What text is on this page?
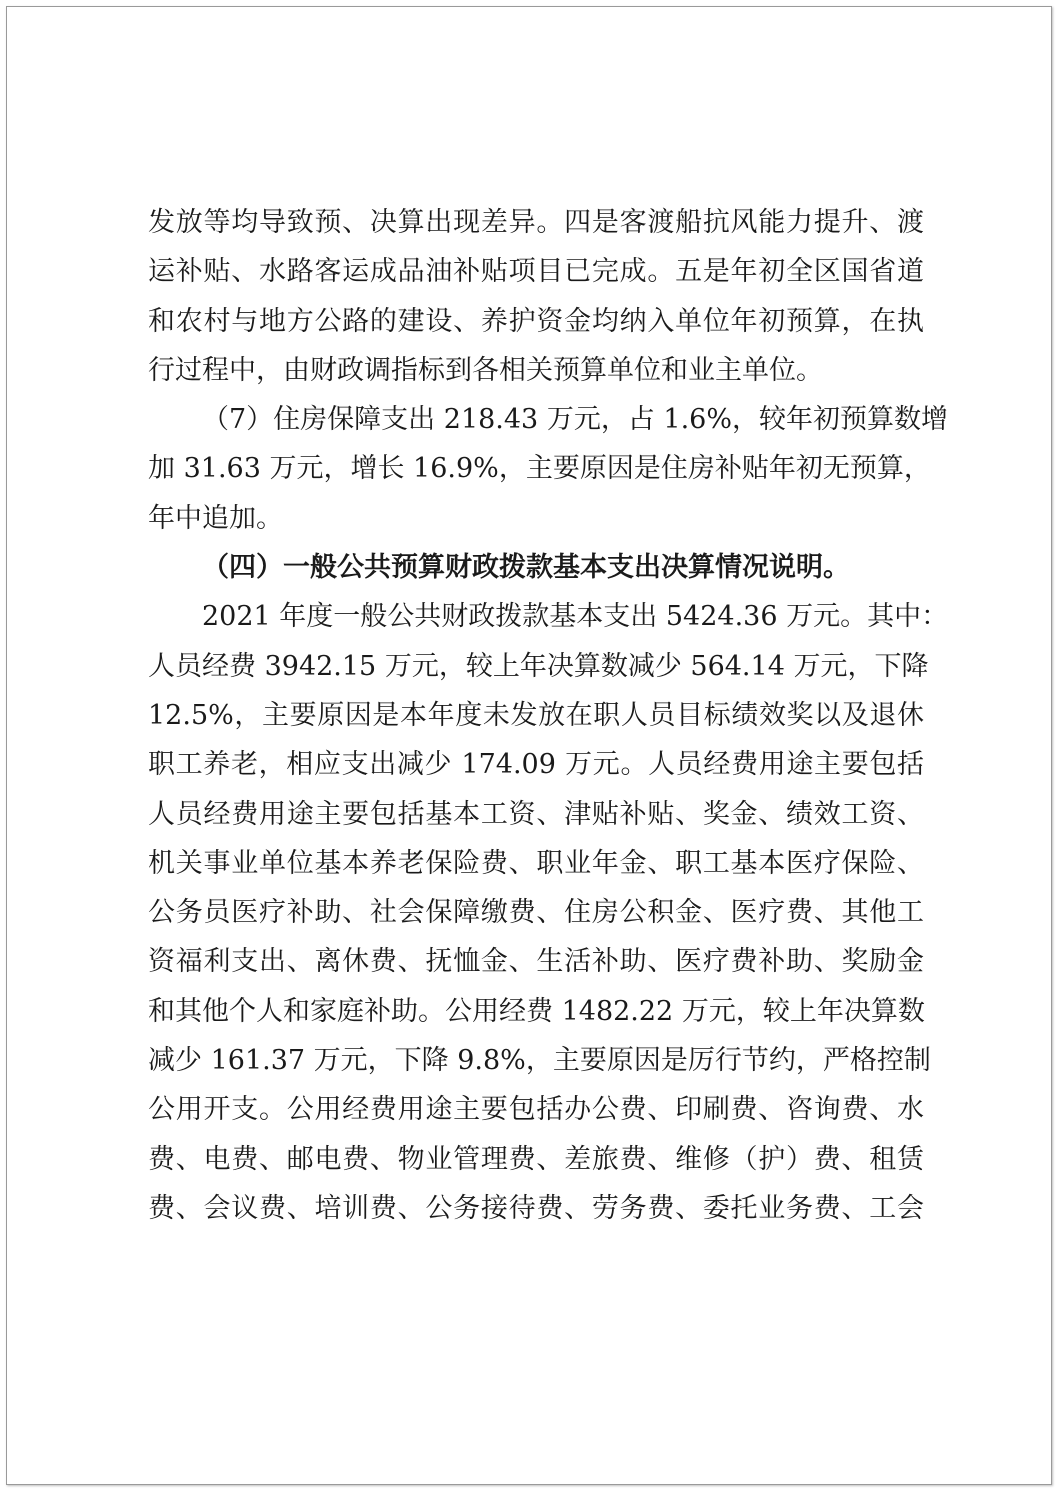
发放等均导致预、决算出现差异。四是客渡船抗风能力提升、渡
运补贴、水路客运成品油补贴项目已完成。五是年初全区国省道
和农村与地方公路的建设、养护资金均纳入单位年初预算，在执
行过程中，由财政调指标到各相关预算单位和业主单位。
（7）住房保障支出 218.43 万元，占 1.6%，较年初预算数增
加 31.63 万元，增长 16.9%，主要原因是住房补贴年初无预算，
年中追加。
（四）一般公共预算财政拨款基本支出决算情况说明。
2021 年度一般公共财政拨款基本支出 5424.36 万元。其中：
人员经费 3942.15 万元，较上年决算数减少 564.14 万元，下降
12.5%，主要原因是本年度未发放在职人员目标绩效奖以及退休
职工养老，相应支出减少 174.09 万元。人员经费用途主要包括
人员经费用途主要包括基本工资、津贴补贴、奖金、绩效工资、
机关事业单位基本养老保险费、职业年金、职工基本医疗保险、
公务员医疗补助、社会保障缴费、住房公积金、医疗费、其他工
资福利支出、离休费、抚恤金、生活补助、医疗费补助、奖励金
和其他个人和家庭补助。公用经费 1482.22 万元，较上年决算数
减少 161.37 万元，下降 9.8%，主要原因是厉行节约，严格控制
公用开支。公用经费用途主要包括办公费、印刷费、咨询费、水
费、电费、邮电费、物业管理费、差旅费、维修（护）费、租赁
费、会议费、培训费、公务接待费、劳务费、委托业务费、工会
